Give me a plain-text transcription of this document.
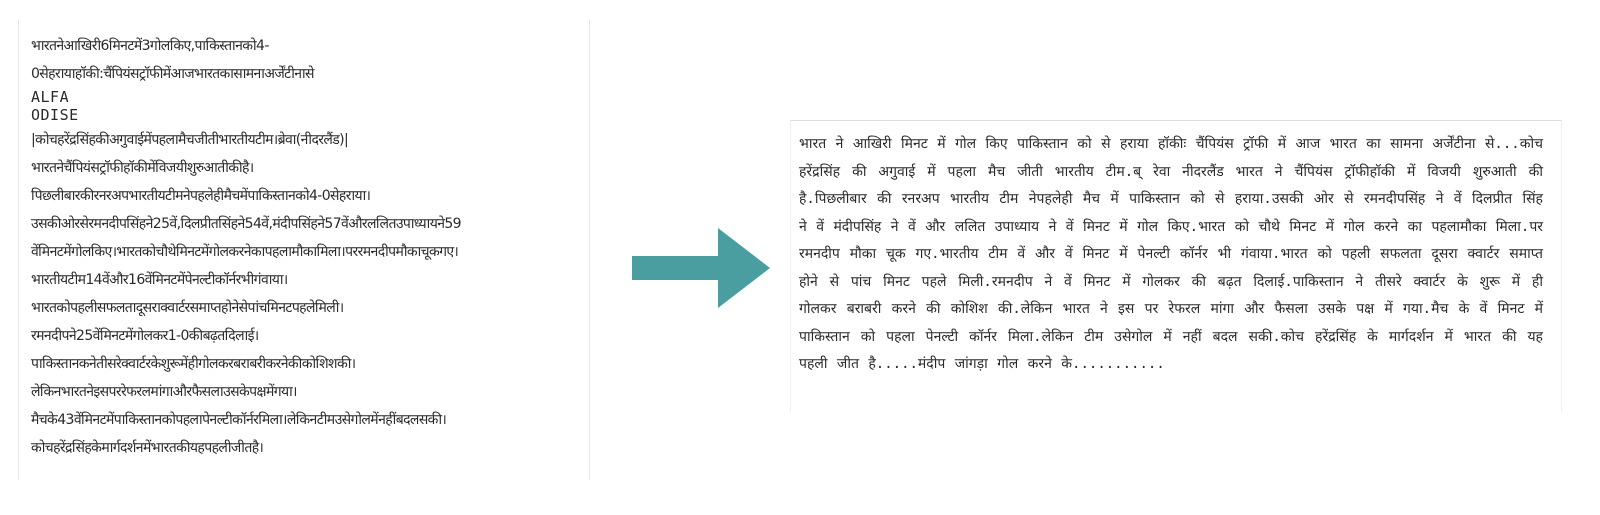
भारतनेआखिरी6मिनटमें3गोलकिए,पाकिस्तानको4-
0सेहरायाहॉकी:चैंपियंसट्रॉफीमेंआजभारतकासामनाअर्जेंटीनासे
ALFA
ODISE
|कोचहरेंद्रसिंहकीअगुवाईमेंपहलामैचजीतीभारतीयटीम।ब्रेवा(नीदरलैंड)|
भारतनेचैंपियंसट्रॉफीहॉकीमेंविजयीशुरुआतीकीहै।
पिछलीबारकीरनरअपभारतीयटीमनेपहलेहीमैचमेंपाकिस्तानको4-0सेहराया।
उसकीओरसेरमनदीपसिंहने25वें,दिलप्रीतसिंहने54वें,मंदीपसिंहने57वेंऔरललितउपाध्यायने59
वेंमिनटमेंगोलकिए।भारतकोचौथेमिनटमेंगोलकरनेकापहलामौकामिला।पररमनदीपमौकाचूकगए।
भारतीयटीम14वेंऔर16वेंमिनटमेंपेनल्टीकॉर्नरभीगंवाया।
भारतकोपहलीसफलतादूसराक्वार्टरसमाप्तहोनेसेपांचमिनटपहलेमिली।
रमनदीपने25वेंमिनटमेंगोलकर1-0कीबढ़तदिलाई।
पाकिस्तानकनेतीसरेक्वार्टरकेशुरूमेंहीगोलकरबराबरीकरनेकीकोशिशकी।
लेकिनभारतनेइसपररेफरलमांगाऔरफैसलाउसकेपक्षमेंगया।
मैचके43वेंमिनटमेंपाकिस्तानकोपहलापेनल्टीकॉर्नरमिला।लेकिनटीमउसेगोलमेंनहींबदलसकी।
कोचहरेंद्रसिंहकेमार्गदर्शनमेंभारतकीयहपहलीजीतहै।
भारत ने आखिरी मिनट में गोल किए पाकिस्तान को से हराया हॉकीः चैंपियंस ट्रॉफी में आज भारत का सामना अर्जेंटीना से...कोच हरेंद्रसिंह की अगुवाई में पहला मैच जीती भारतीय टीम.ब् रेवा नीदरलैंड भारत ने चैंपियंस ट्रॉफीहॉकी में विजयी शुरुआती की है.पिछलीबार की रनरअप भारतीय टीम नेपहलेही मैच में पाकिस्तान को से हराया.उसकी ओर से रमनदीपसिंह ने वें दिलप्रीत सिंह ने वें मंदीपसिंह ने वें और ललित उपाध्याय ने वें मिनट में गोल किए.भारत को चौथे मिनट में गोल करने का पहलामौका मिला.पर रमनदीप मौका चूक गए.भारतीय टीम वें और वें मिनट में पेनल्टी कॉर्नर भी गंवाया.भारत को पहली सफलता दूसरा क्वार्टर समाप्त होने से पांच मिनट पहले मिली.रमनदीप ने वें मिनट में गोलकर की बढ़त दिलाई.पाकिस्तान ने तीसरे क्वार्टर के शुरू में ही गोलकर बराबरी करने की कोशिश की.लेकिन भारत ने इस पर रेफरल मांगा और फैसला उसके पक्ष में गया.मैच के वें मिनट में पाकिस्तान को पहला पेनल्टी कॉर्नर मिला.लेकिन टीम उसेगोल में नहीं बदल सकी.कोच हरेंद्रसिंह के मार्गदर्शन में भारत की यह पहली जीत है.....मंदीप जांगड़ा गोल करने के...........
